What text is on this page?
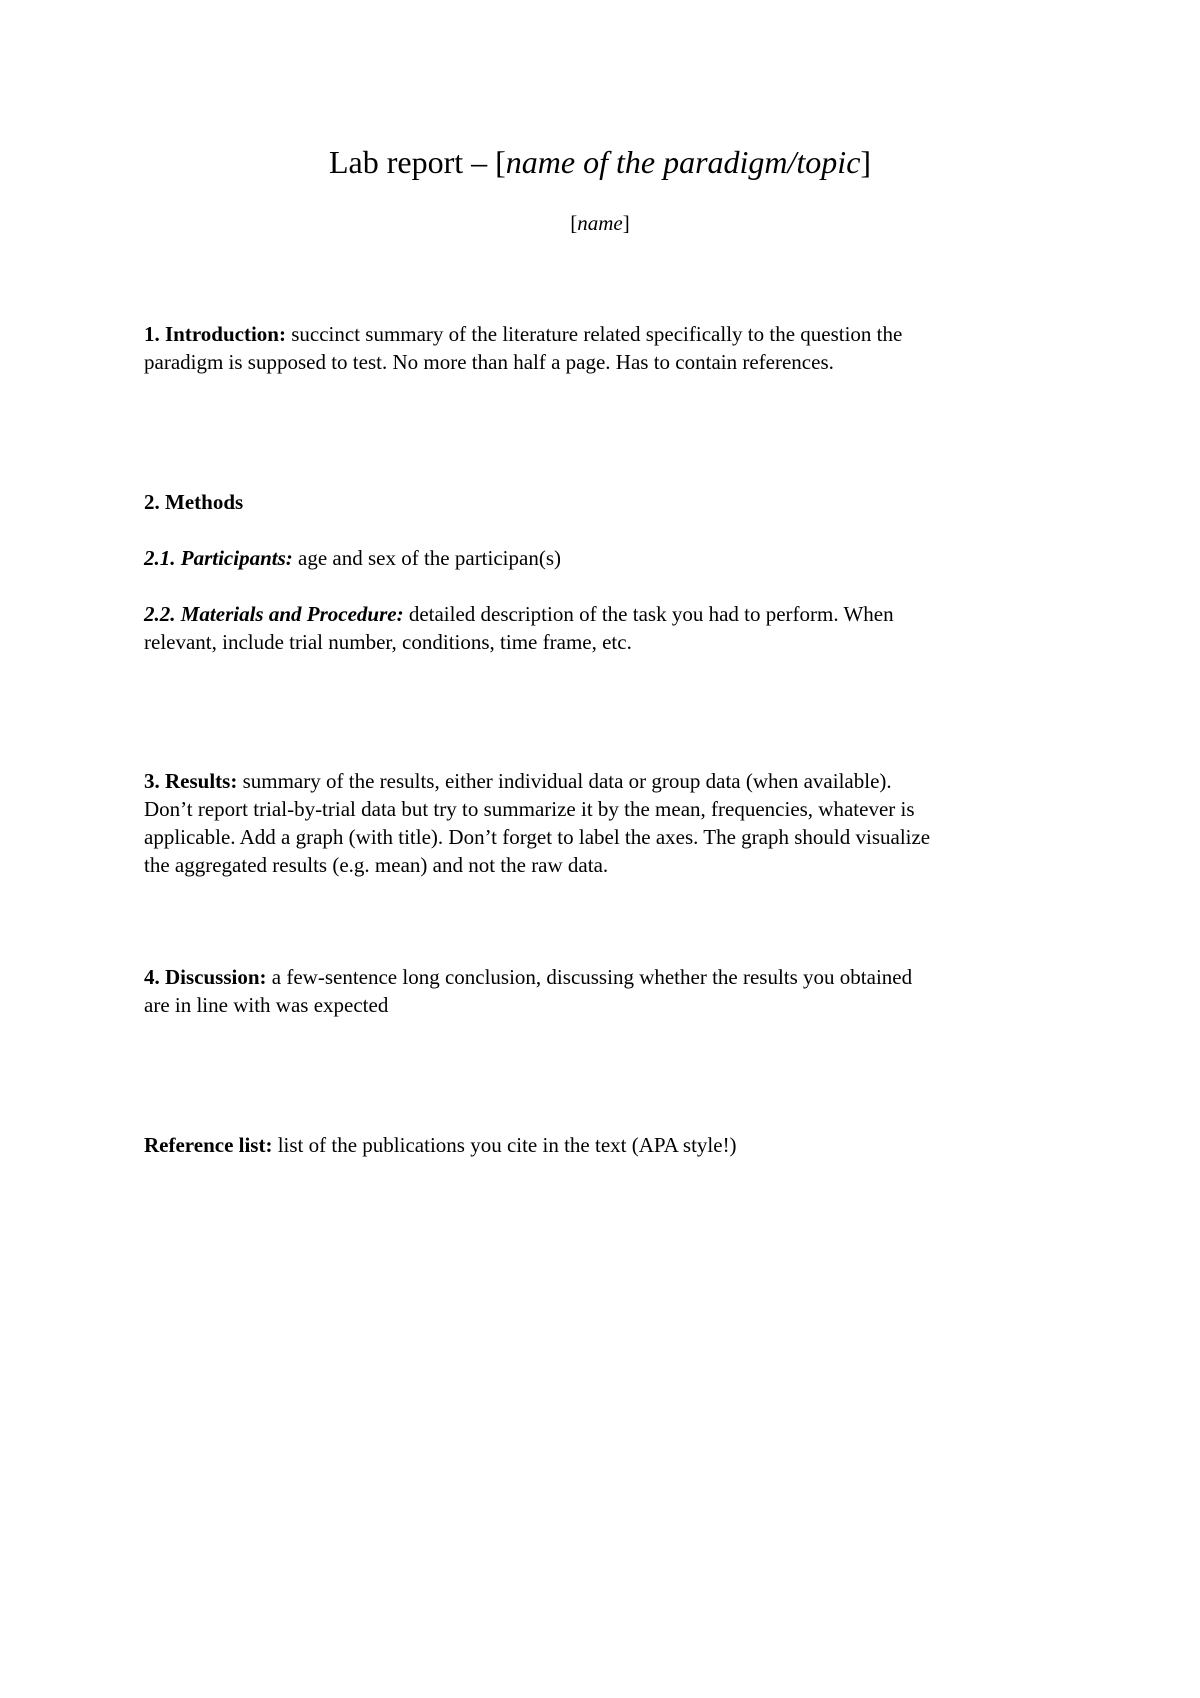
Lab report – [name of the paradigm/topic]
[name]
1. Introduction: succinct summary of the literature related specifically to the question the
paradigm is supposed to test. No more than half a page. Has to contain references.
2. Methods
2.1. Participants: age and sex of the participan(s)
2.2. Materials and Procedure: detailed description of the task you had to perform. When
relevant, include trial number, conditions, time frame, etc.
3. Results: summary of the results, either individual data or group data (when available).
Don’t report trial-by-trial data but try to summarize it by the mean, frequencies, whatever is
applicable. Add a graph (with title). Don’t forget to label the axes. The graph should visualize
the aggregated results (e.g. mean) and not the raw data.
4. Discussion: a few-sentence long conclusion, discussing whether the results you obtained
are in line with was expected
Reference list: list of the publications you cite in the text (APA style!)
